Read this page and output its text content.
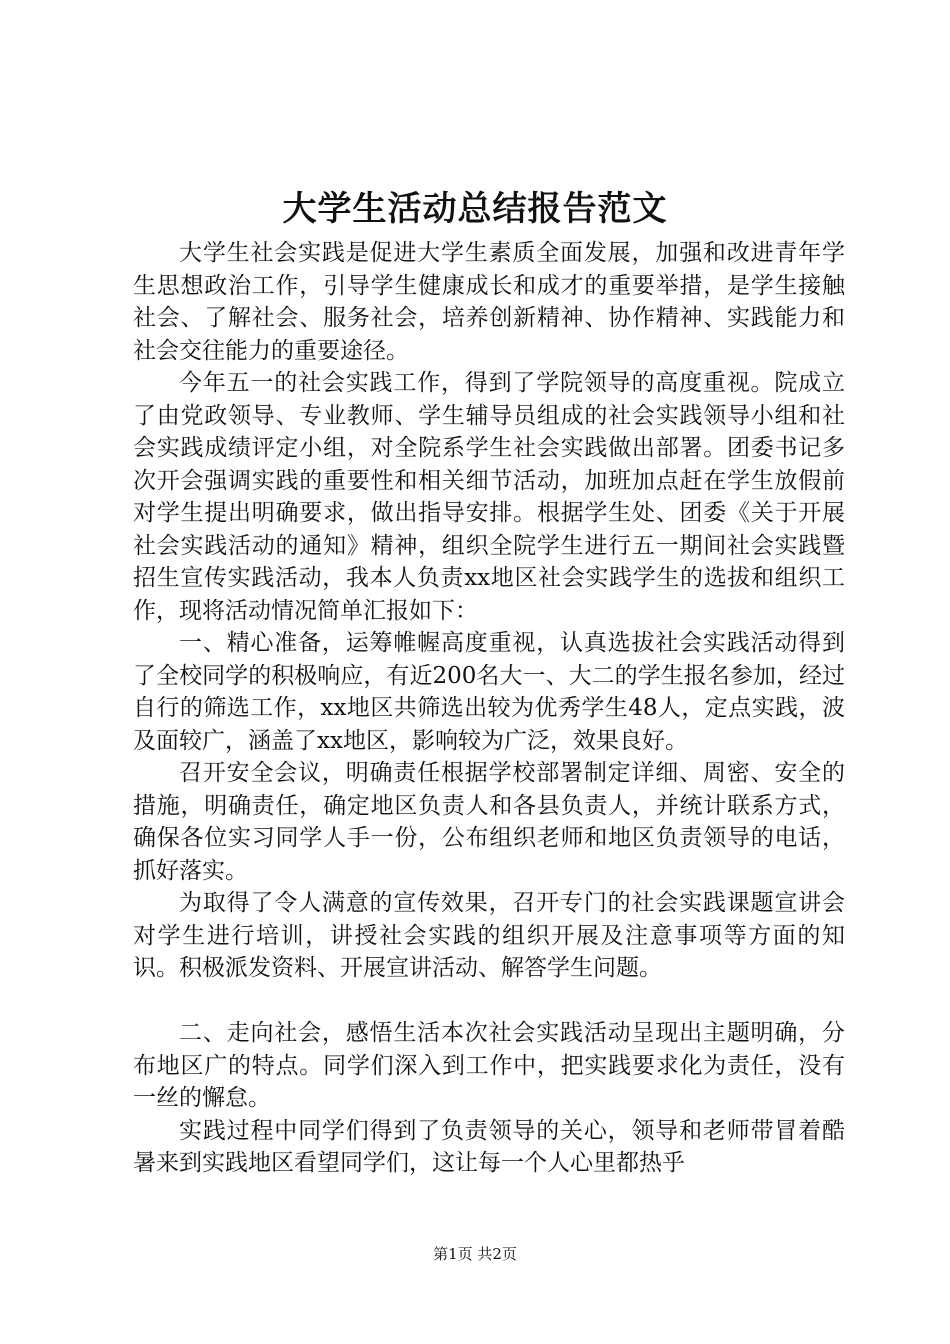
大学生活动总结报告范文

大学生社会实践是促进大学生素质全面发展，加强和改进青年学生思想政治工作，引导学生健康成长和成才的重要举措，是学生接触社会、了解社会、服务社会，培养创新精神、协作精神、实践能力和社会交往能力的重要途径。

今年五一的社会实践工作，得到了学院领导的高度重视。院成立了由党政领导、专业教师、学生辅导员组成的社会实践领导小组和社会实践成绩评定小组，对全院系学生社会实践做出部署。团委书记多次开会强调实践的重要性和相关细节活动，加班加点赶在学生放假前对学生提出明确要求，做出指导安排。根据学生处、团委《关于开展社会实践活动的通知》精神，组织全院学生进行五一期间社会实践暨招生宣传实践活动，我本人负责xx地区社会实践学生的选拔和组织工作，现将活动情况简单汇报如下：

一、精心准备，运筹帷幄高度重视，认真选拔社会实践活动得到了全校同学的积极响应，有近200名大一、大二的学生报名参加，经过自行的筛选工作，xx地区共筛选出较为优秀学生48人，定点实践，波及面较广，涵盖了xx地区，影响较为广泛，效果良好。

召开安全会议，明确责任根据学校部署制定详细、周密、安全的措施，明确责任，确定地区负责人和各县负责人，并统计联系方式，确保各位实习同学人手一份，公布组织老师和地区负责领导的电话，抓好落实。

为取得了令人满意的宣传效果，召开专门的社会实践课题宣讲会对学生进行培训，讲授社会实践的组织开展及注意事项等方面的知识。积极派发资料、开展宣讲活动、解答学生问题。

二、走向社会，感悟生活本次社会实践活动呈现出主题明确，分布地区广的特点。同学们深入到工作中，把实践要求化为责任，没有一丝的懈怠。

实践过程中同学们得到了负责领导的关心，领导和老师带冒着酷暑来到实践地区看望同学们，这让每一个人心里都热乎

第1页 共2页
